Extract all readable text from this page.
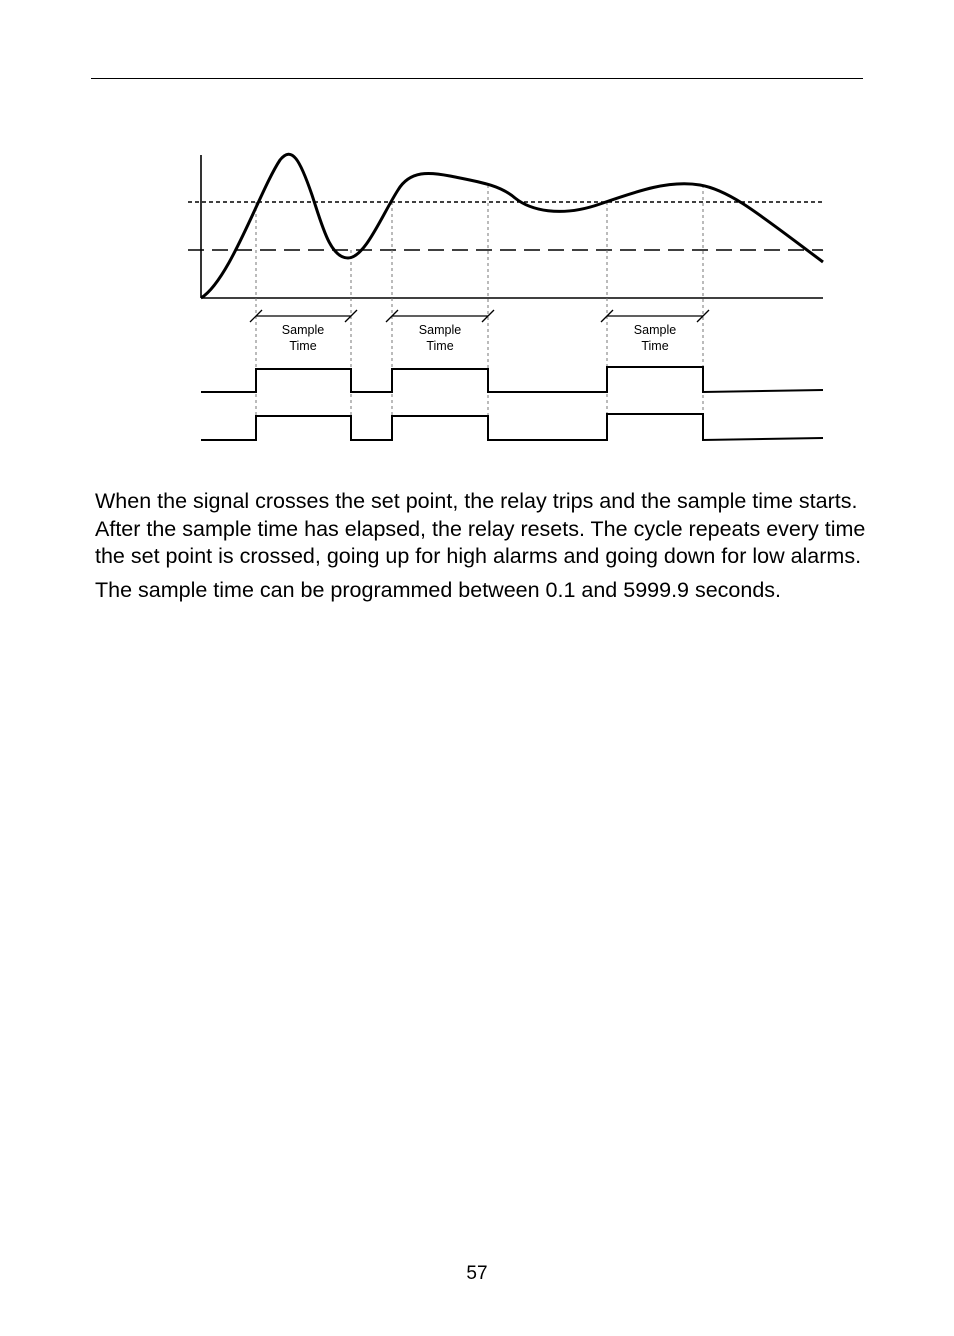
Sample
Time
Sample
Time
Sample
Time

When the signal crosses the set point, the relay trips and the sample time starts. After the sample time has elapsed, the relay resets. The cycle repeats every time the set point is crossed, going up for high alarms and going down for low alarms.

The sample time can be programmed between 0.1 and 5999.9 seconds.

57
